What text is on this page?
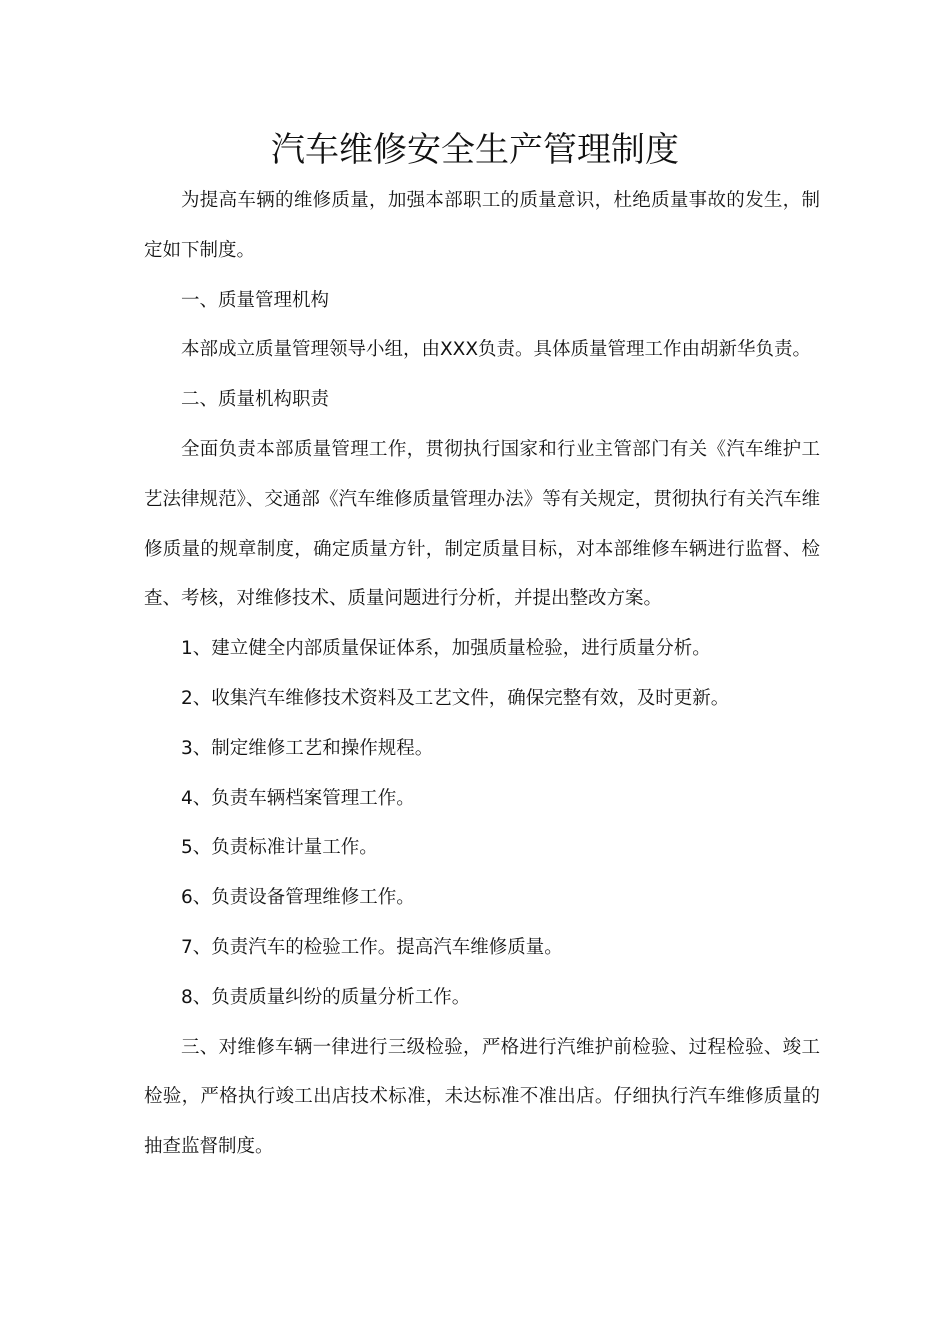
汽车维修安全生产管理制度

为提高车辆的维修质量，加强本部职工的质量意识，杜绝质量事故的发生，制定如下制度。

一、质量管理机构

本部成立质量管理领导小组，由XXX负责。具体质量管理工作由胡新华负责。

二、质量机构职责

全面负责本部质量管理工作，贯彻执行国家和行业主管部门有关《汽车维护工艺法律规范》、交通部《汽车维修质量管理办法》等有关规定，贯彻执行有关汽车维修质量的规章制度，确定质量方针，制定质量目标，对本部维修车辆进行监督、检查、考核，对维修技术、质量问题进行分析，并提出整改方案。

1、建立健全内部质量保证体系，加强质量检验，进行质量分析。

2、收集汽车维修技术资料及工艺文件，确保完整有效，及时更新。

3、制定维修工艺和操作规程。

4、负责车辆档案管理工作。

5、负责标准计量工作。

6、负责设备管理维修工作。

7、负责汽车的检验工作。提高汽车维修质量。

8、负责质量纠纷的质量分析工作。

三、对维修车辆一律进行三级检验，严格进行汽维护前检验、过程检验、竣工检验，严格执行竣工出店技术标准，未达标准不准出店。仔细执行汽车维修质量的抽查监督制度。
